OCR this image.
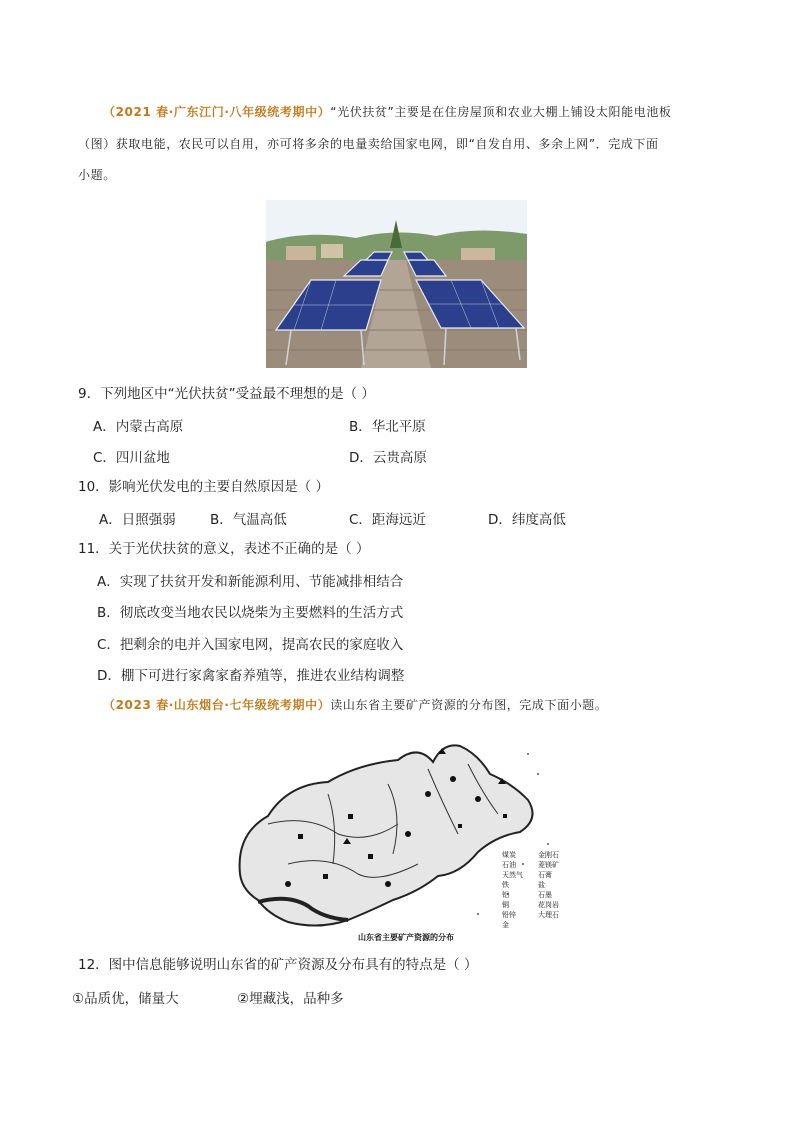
（2021 春·广东江门·八年级统考期中）“光伏扶贫”主要是在住房屋顶和农业大棚上铺设太阳能电池板
（图）获取电能，农民可以自用，亦可将多余的电量卖给国家电网，即“自发自用、多余上网”．完成下面
小题。
9．下列地区中“光伏扶贫”受益最不理想的是（ ）
A．内蒙古高原	B．华北平原
C．四川盆地	D．云贵高原
10．影响光伏发电的主要自然原因是（ ）
A．日照强弱	B．气温高低	C．距海远近	D．纬度高低
11．关于光伏扶贫的意义，表述不正确的是（ ）
A．实现了扶贫开发和新能源利用、节能减排相结合
B．彻底改变当地农民以烧柴为主要燃料的生活方式
C．把剩余的电并入国家电网，提高农民的家庭收入
D．棚下可进行家禽家畜养殖等，推进农业结构调整
（2023 春·山东烟台·七年级统考期中）读山东省主要矿产资源的分布图，完成下面小题。
煤炭
石油
天然气
铁
铝
铜
铅锌
金
金刚石
菱镁矿
石膏
盐
石墨
花岗岩
大理石
山东省主要矿产资源的分布
12．图中信息能够说明山东省的矿产资源及分布具有的特点是（ ）
①品质优，储量大	②埋藏浅，品种多
